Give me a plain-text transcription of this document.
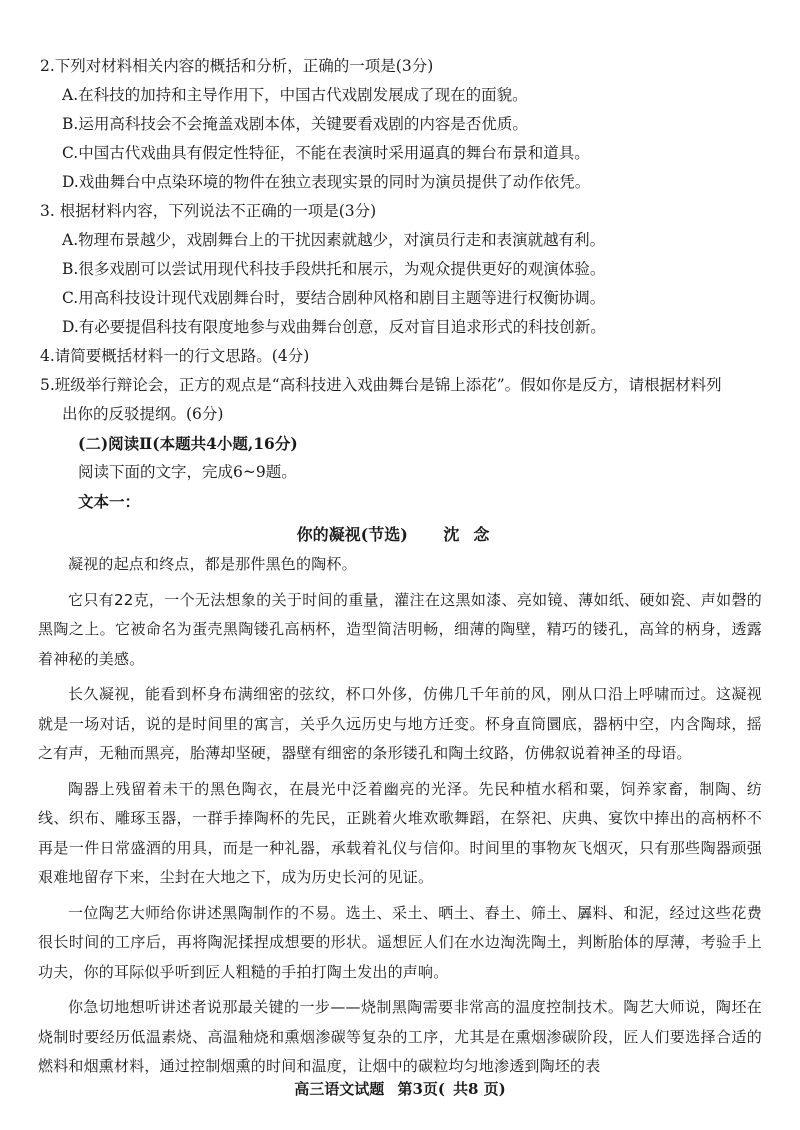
2.下列对材料相关内容的概括和分析，正确的一项是(3分)
A.在科技的加持和主导作用下，中国古代戏剧发展成了现在的面貌。
B.运用高科技会不会掩盖戏剧本体，关键要看戏剧的内容是否优质。
C.中国古代戏曲具有假定性特征，不能在表演时采用逼真的舞台布景和道具。
D.戏曲舞台中点染环境的物件在独立表现实景的同时为演员提供了动作依凭。
3. 根据材料内容，下列说法不正确的一项是(3分)
A.物理布景越少，戏剧舞台上的干扰因素就越少，对演员行走和表演就越有利。
B.很多戏剧可以尝试用现代科技手段烘托和展示，为观众提供更好的观演体验。
C.用高科技设计现代戏剧舞台时，要结合剧种风格和剧目主题等进行权衡协调。
D.有必要提倡科技有限度地参与戏曲舞台创意，反对盲目追求形式的科技创新。
4.请简要概括材料一的行文思路。(4分)
5.班级举行辩论会，正方的观点是“高科技进入戏曲舞台是锦上添花”。假如你是反方，请根据材料列
出你的反驳提纲。(6分)
(二)阅读Ⅱ(本题共4小题,16分)
阅读下面的文字，完成6~9题。
文本一：
你的凝视(节选) 沈念

凝视的起点和终点，都是那件黑色的陶杯。

它只有22克，一个无法想象的关于时间的重量，灌注在这黑如漆、亮如镜、薄如纸、硬如瓷、声如磬的黑陶之上。它被命名为蛋壳黑陶镂孔高柄杯，造型简洁明畅，细薄的陶壁，精巧的镂孔，高耸的柄身，透露着神秘的美感。

长久凝视，能看到杯身布满细密的弦纹，杯口外侈，仿佛几千年前的风，刚从口沿上呼啸而过。这凝视就是一场对话，说的是时间里的寓言，关乎久远历史与地方迁变。杯身直筒圜底，器柄中空，内含陶球，摇之有声，无釉而黑亮，胎薄却坚硬，器壁有细密的条形镂孔和陶土纹路，仿佛叙说着神圣的母语。

陶器上残留着未干的黑色陶衣，在晨光中泛着幽亮的光泽。先民种植水稻和粟，饲养家畜，制陶、纺线、织布、雕琢玉器，一群手捧陶杯的先民，正跳着火堆欢歌舞蹈，在祭祀、庆典、宴饮中捧出的高柄杯不再是一件日常盛酒的用具，而是一种礼器，承载着礼仪与信仰。时间里的事物灰飞烟灭，只有那些陶器顽强艰难地留存下来，尘封在大地之下，成为历史长河的见证。

一位陶艺大师给你讲述黑陶制作的不易。选土、采土、晒土、舂土、筛土、羼料、和泥，经过这些花费很长时间的工序后，再将陶泥揉捏成想要的形状。遥想匠人们在水边淘洗陶土，判断胎体的厚薄，考验手上功夫，你的耳际似乎听到匠人粗糙的手拍打陶土发出的声响。

你急切地想听讲述者说那最关键的一步——烧制黑陶需要非常高的温度控制技术。陶艺大师说，陶坯在烧制时要经历低温素烧、高温釉烧和熏烟渗碳等复杂的工序，尤其是在熏烟渗碳阶段，匠人们要选择合适的燃料和烟熏材料，通过控制烟熏的时间和温度，让烟中的碳粒均匀地渗透到陶坯的表

高三语文试题 第3页( 共8 页)
